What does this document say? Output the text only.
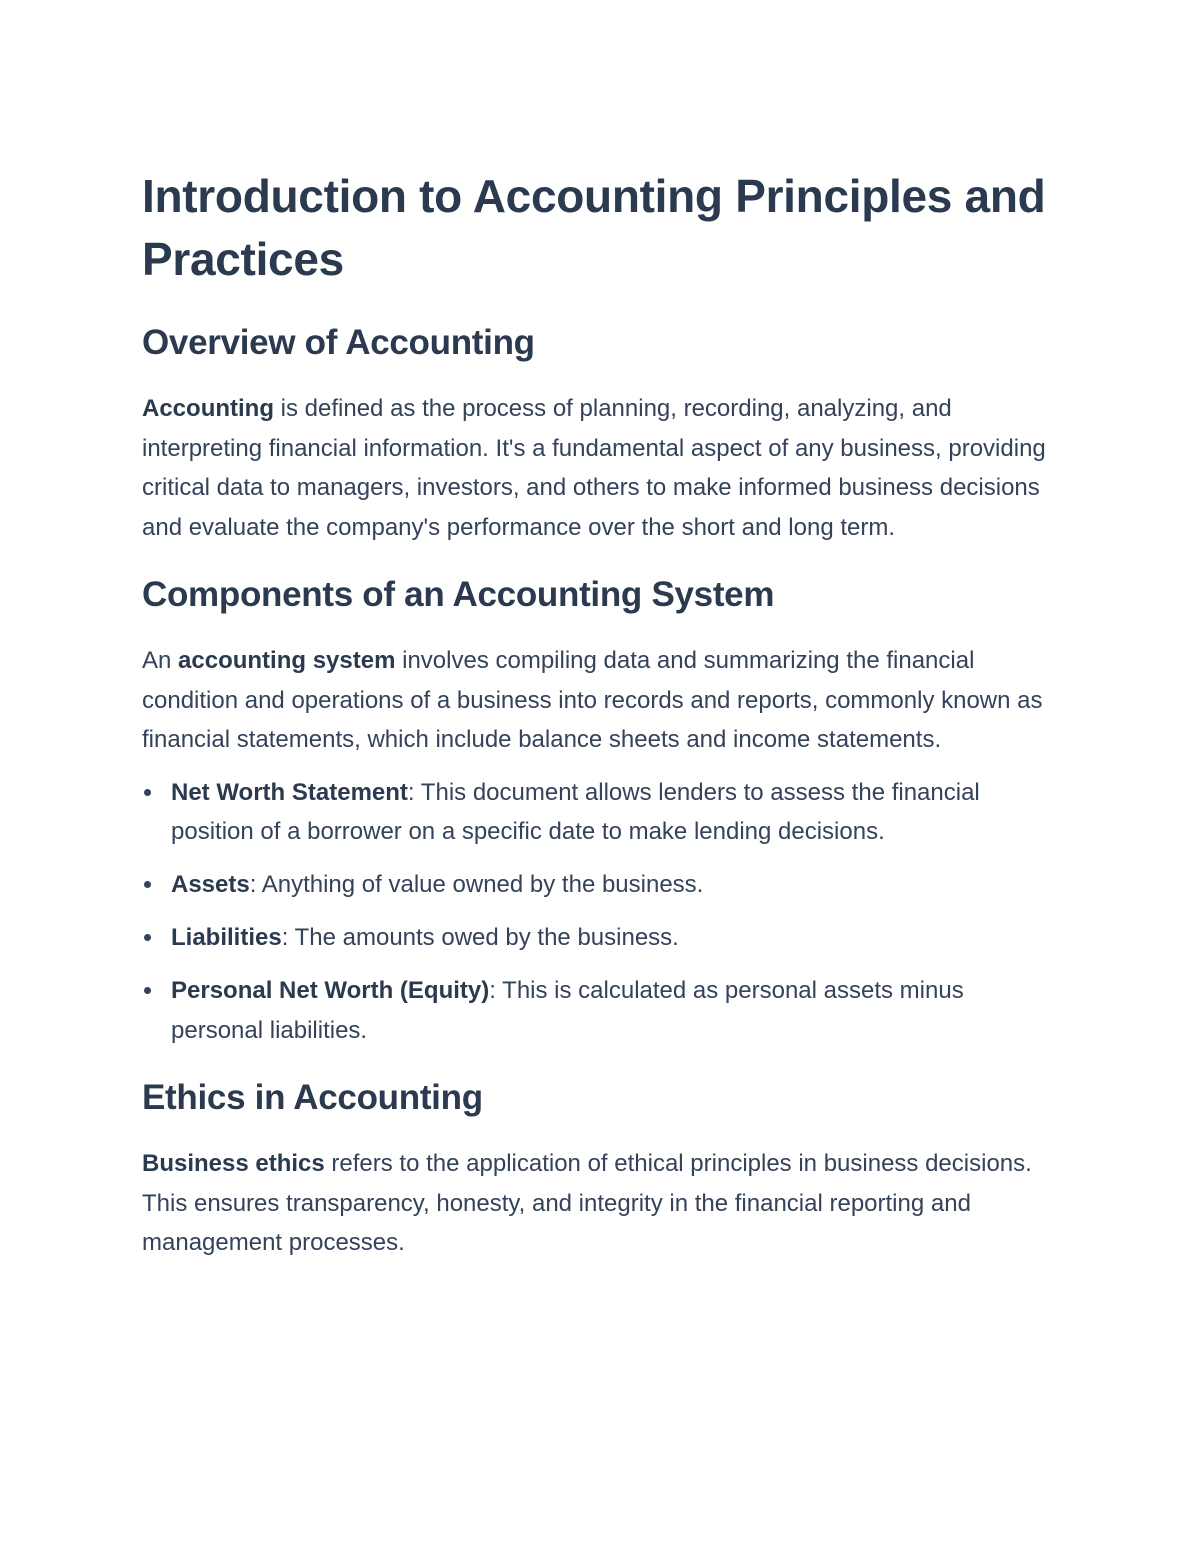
Introduction to Accounting Principles and Practices
Overview of Accounting

Accounting is defined as the process of planning, recording, analyzing, and interpreting financial information. It's a fundamental aspect of any business, providing critical data to managers, investors, and others to make informed business decisions and evaluate the company's performance over the short and long term.

Components of an Accounting System

An accounting system involves compiling data and summarizing the financial condition and operations of a business into records and reports, commonly known as financial statements, which include balance sheets and income statements.

Net Worth Statement: This document allows lenders to assess the financial position of a borrower on a specific date to make lending decisions.
Assets: Anything of value owned by the business.
Liabilities: The amounts owed by the business.
Personal Net Worth (Equity): This is calculated as personal assets minus personal liabilities.
Ethics in Accounting

Business ethics refers to the application of ethical principles in business decisions. This ensures transparency, honesty, and integrity in the financial reporting and management processes.
